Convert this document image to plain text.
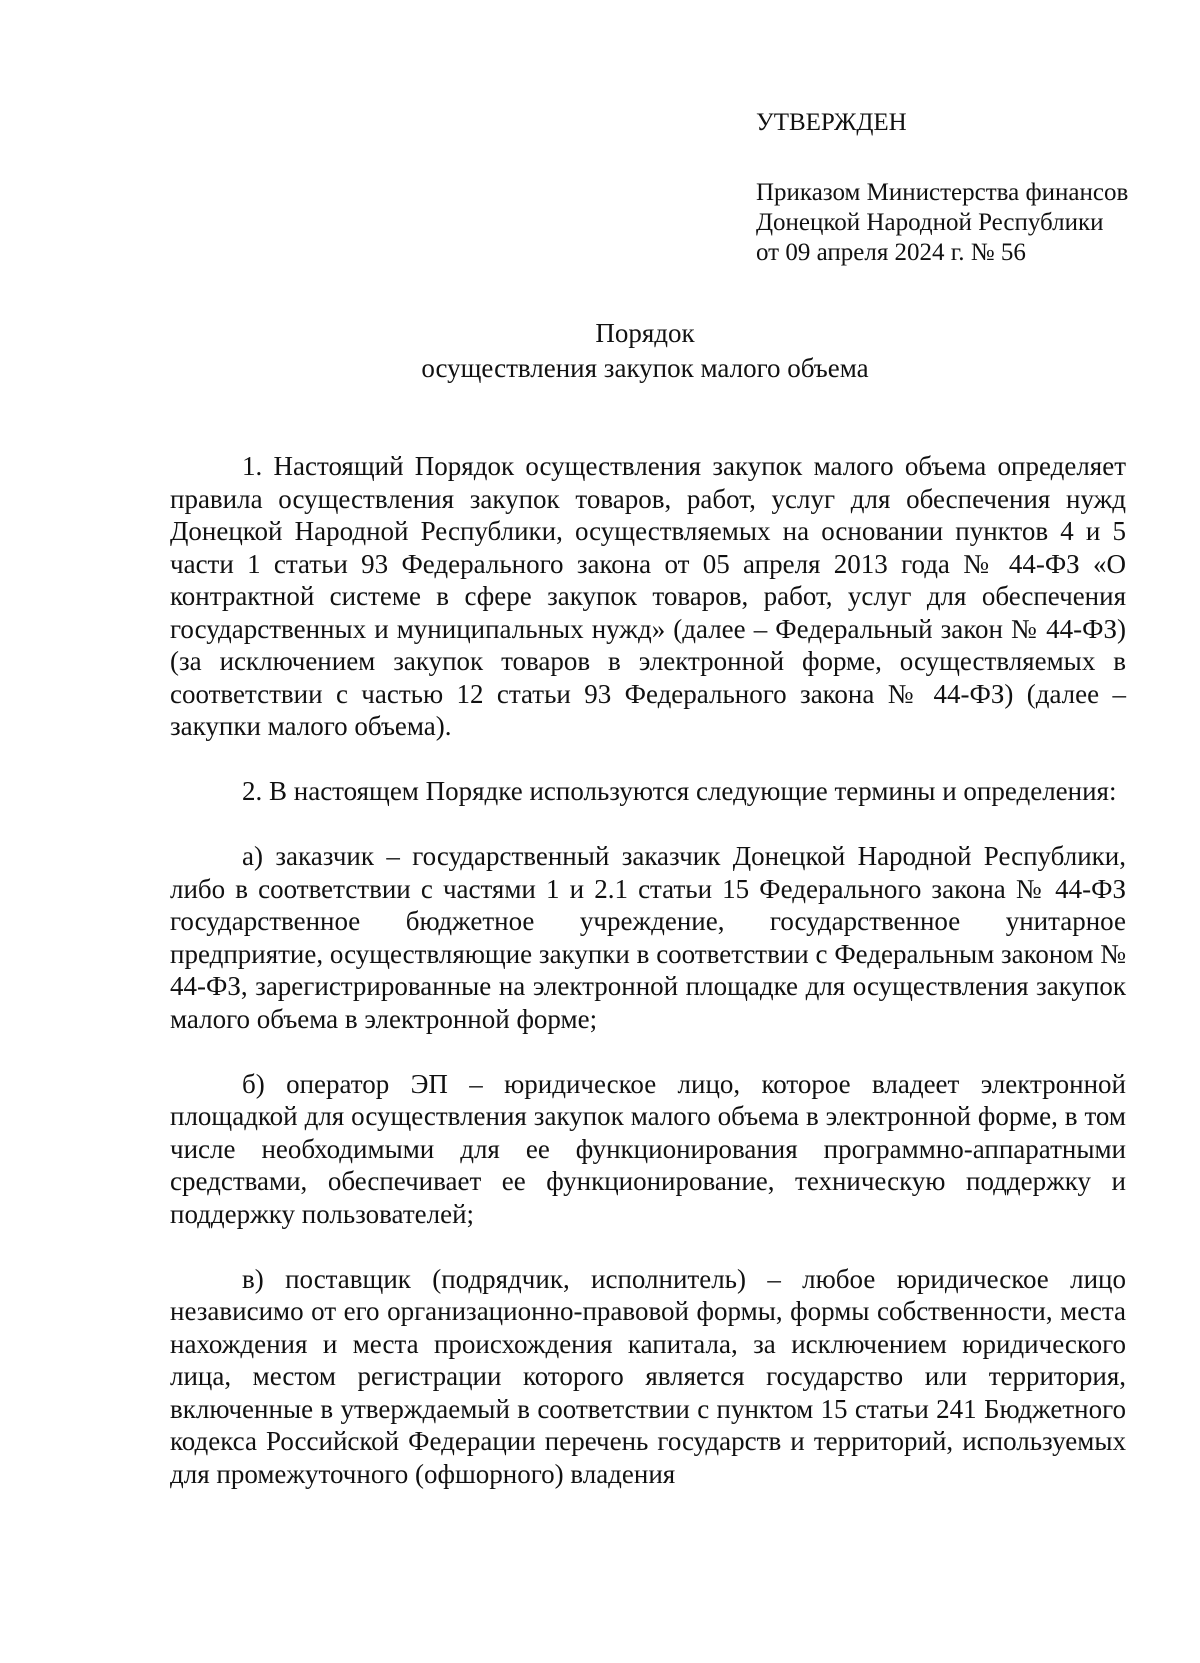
УТВЕРЖДЕН
Приказом Министерства финансов
Донецкой Народной Республики
от 09 апреля 2024 г. № 56
Порядок
осуществления закупок малого объема

1. Настоящий Порядок осуществления закупок малого объема определяет правила осуществления закупок товаров, работ, услуг для обеспечения нужд Донецкой Народной Республики, осуществляемых на основании пунктов 4 и 5 части 1 статьи 93 Федерального закона от 05 апреля 2013 года № 44-ФЗ «О контрактной системе в сфере закупок товаров, работ, услуг для обеспечения государственных и муниципальных нужд» (далее – Федеральный закон № 44-ФЗ) (за исключением закупок товаров в электронной форме, осуществляемых в соответствии с частью 12 статьи 93 Федерального закона № 44-ФЗ) (далее – закупки малого объема).

2. В настоящем Порядке используются следующие термины и определения:

а) заказчик – государственный заказчик Донецкой Народной Республики, либо в соответствии с частями 1 и 2.1 статьи 15 Федерального закона № 44-ФЗ государственное бюджетное учреждение, государственное унитарное предприятие, осуществляющие закупки в соответствии с Федеральным законом № 44-ФЗ, зарегистрированные на электронной площадке для осуществления закупок малого объема в электронной форме;

б) оператор ЭП – юридическое лицо, которое владеет электронной площадкой для осуществления закупок малого объема в электронной форме, в том числе необходимыми для ее функционирования программно-аппаратными средствами, обеспечивает ее функционирование, техническую поддержку и поддержку пользователей;

в) поставщик (подрядчик, исполнитель) – любое юридическое лицо независимо от его организационно-правовой формы, формы собственности, места нахождения и места происхождения капитала, за исключением юридического лица, местом регистрации которого является государство или территория, включенные в утверждаемый в соответствии с пунктом 15 статьи 241 Бюджетного кодекса Российской Федерации перечень государств и территорий, используемых для промежуточного (офшорного) владения
